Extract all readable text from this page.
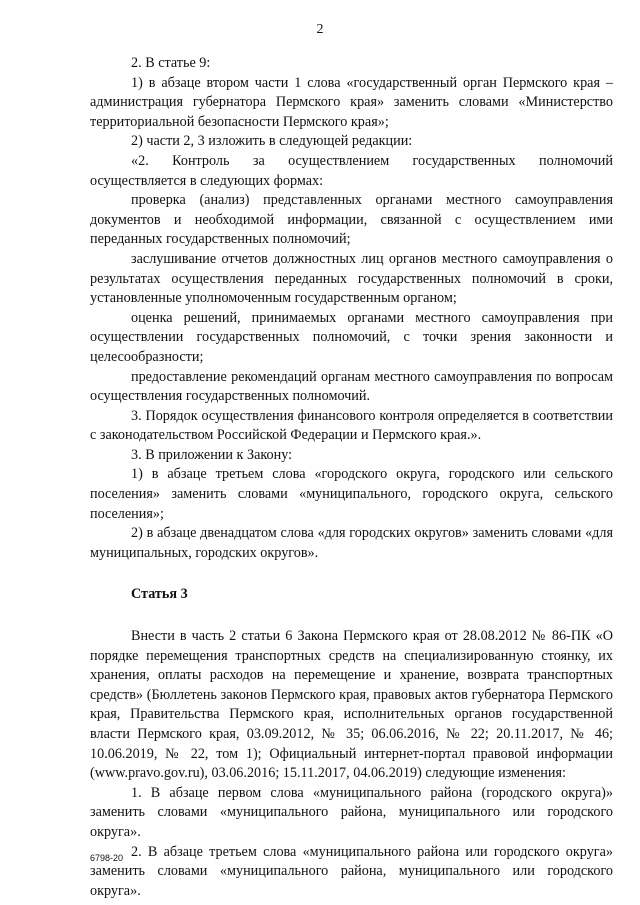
2

2. В статье 9:

1) в абзаце втором части 1 слова «государственный орган Пермского края – администрация губернатора Пермского края» заменить словами «Министерство территориальной безопасности Пермского края»;

2) части 2, 3 изложить в следующей редакции:

«2. Контроль за осуществлением государственных полномочий осуществляется в следующих формах:

проверка (анализ) представленных органами местного самоуправления документов и необходимой информации, связанной с осуществлением ими переданных государственных полномочий;

заслушивание отчетов должностных лиц органов местного самоуправления о результатах осуществления переданных государственных полномочий в сроки, установленные уполномоченным государственным органом;

оценка решений, принимаемых органами местного самоуправления при осуществлении государственных полномочий, с точки зрения законности и целесообразности;

предоставление рекомендаций органам местного самоуправления по вопросам осуществления государственных полномочий.

3. Порядок осуществления финансового контроля определяется в соответствии с законодательством Российской Федерации и Пермского края.».

3. В приложении к Закону:

1) в абзаце третьем слова «городского округа, городского или сельского поселения» заменить словами «муниципального, городского округа, сельского поселения»;

2) в абзаце двенадцатом слова «для городских округов» заменить словами «для муниципальных, городских округов».

Статья 3

Внести в часть 2 статьи 6 Закона Пермского края от 28.08.2012 № 86-ПК «О порядке перемещения транспортных средств на специализированную стоянку, их хранения, оплаты расходов на перемещение и хранение, возврата транспортных средств» (Бюллетень законов Пермского края, правовых актов губернатора Пермского края, Правительства Пермского края, исполнительных органов государственной власти Пермского края, 03.09.2012, № 35; 06.06.2016, № 22; 20.11.2017, № 46; 10.06.2019, № 22, том 1); Официальный интернет-портал правовой информации (www.pravo.gov.ru), 03.06.2016; 15.11.2017, 04.06.2019) следующие изменения:

1. В абзаце первом слова «муниципального района (городского округа)» заменить словами «муниципального района, муниципального или городского округа».

2. В абзаце третьем слова «муниципального района или городского округа» заменить словами «муниципального района, муниципального или городского округа».

6798-20
